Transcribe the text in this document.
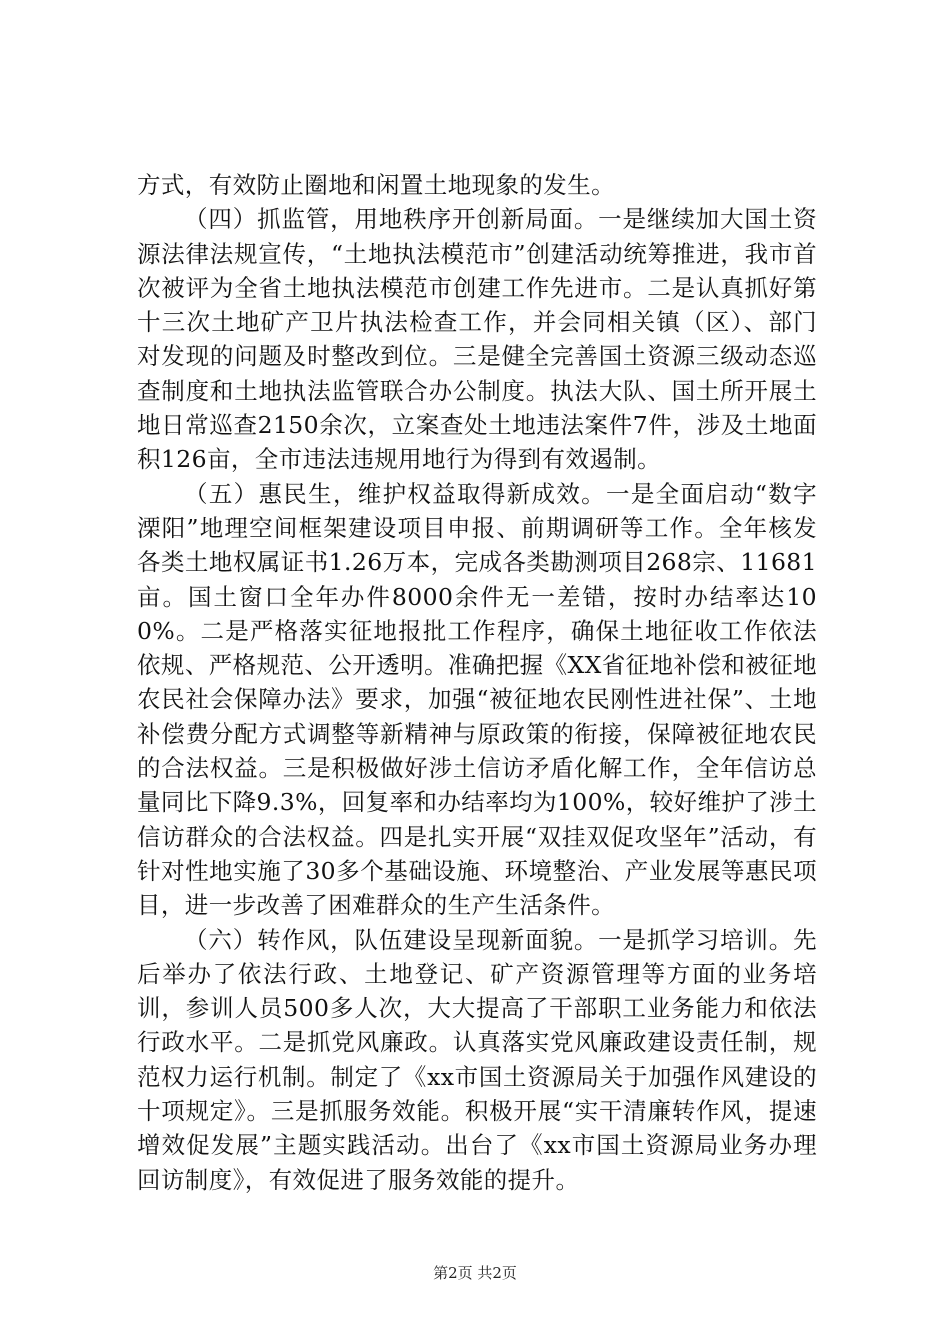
方式，有效防止圈地和闲置土地现象的发生。

（四）抓监管，用地秩序开创新局面。一是继续加大国土资源法律法规宣传，“土地执法模范市”创建活动统筹推进，我市首次被评为全省土地执法模范市创建工作先进市。二是认真抓好第十三次土地矿产卫片执法检查工作，并会同相关镇（区）、部门对发现的问题及时整改到位。三是健全完善国土资源三级动态巡查制度和土地执法监管联合办公制度。执法大队、国土所开展土地日常巡查2150余次，立案查处土地违法案件7件，涉及土地面积126亩，全市违法违规用地行为得到有效遏制。

（五）惠民生，维护权益取得新成效。一是全面启动“数字溧阳”地理空间框架建设项目申报、前期调研等工作。全年核发各类土地权属证书1.26万本，完成各类勘测项目268宗、11681亩。国土窗口全年办件8000余件无一差错，按时办结率达100%。二是严格落实征地报批工作程序，确保土地征收工作依法依规、严格规范、公开透明。准确把握《XX省征地补偿和被征地农民社会保障办法》要求，加强“被征地农民刚性进社保”、土地补偿费分配方式调整等新精神与原政策的衔接，保障被征地农民的合法权益。三是积极做好涉土信访矛盾化解工作，全年信访总量同比下降9.3%，回复率和办结率均为100%，较好维护了涉土信访群众的合法权益。四是扎实开展“双挂双促攻坚年”活动，有针对性地实施了30多个基础设施、环境整治、产业发展等惠民项目，进一步改善了困难群众的生产生活条件。

（六）转作风，队伍建设呈现新面貌。一是抓学习培训。先后举办了依法行政、土地登记、矿产资源管理等方面的业务培训，参训人员500多人次，大大提高了干部职工业务能力和依法行政水平。二是抓党风廉政。认真落实党风廉政建设责任制，规范权力运行机制。制定了《xx市国土资源局关于加强作风建设的十项规定》。三是抓服务效能。积极开展“实干清廉转作风，提速增效促发展”主题实践活动。出台了《xx市国土资源局业务办理回访制度》，有效促进了服务效能的提升。

第2页 共2页
